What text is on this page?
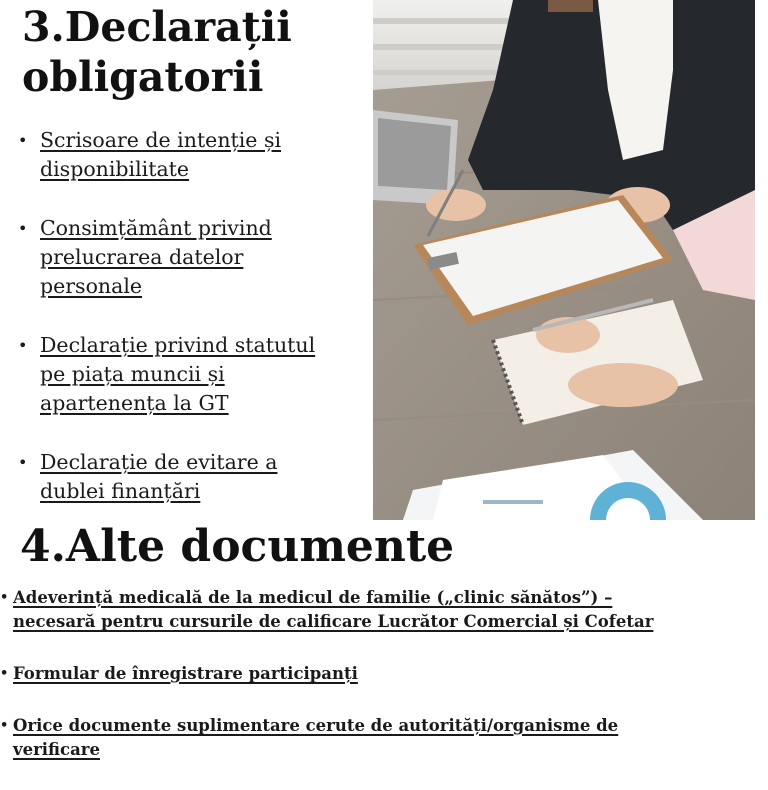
3.Declarații
obligatorii
• Scrisoare de intenție și
disponibilitate
• Consimțământ privind
prelucrarea datelor
personale
• Declarație privind statutul
pe piața muncii și
apartenența la GT
• Declarație de evitare a
dublei finanțări
4.Alte documente
• Adeverință medicală de la medicul de familie („clinic sănătos”) –
necesară pentru cursurile de calificare Lucrător Comercial și Cofetar
• Formular de înregistrare participanți
• Orice documente suplimentare cerute de autorități/organisme de
verificare
